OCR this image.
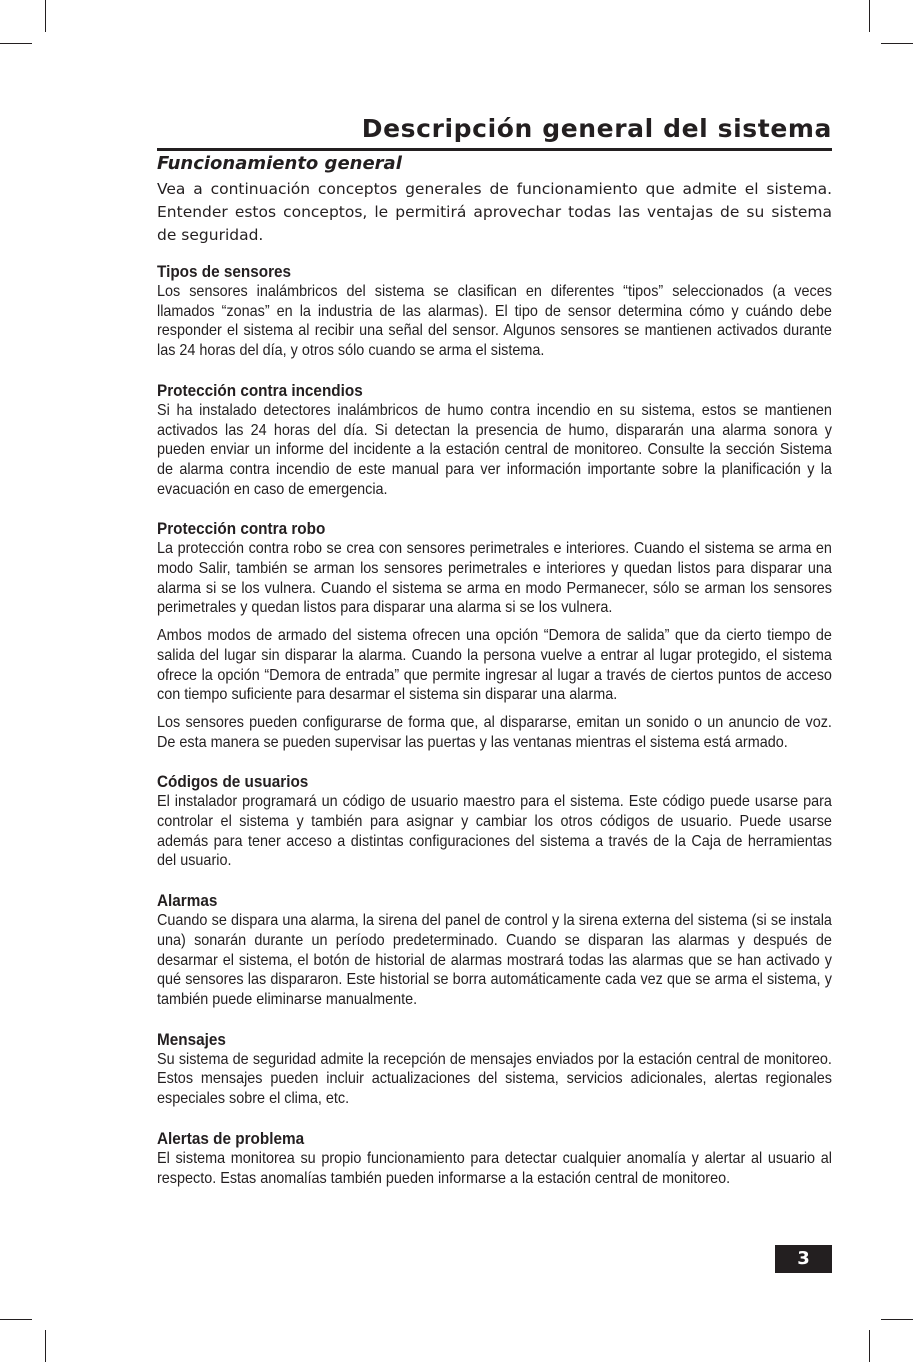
Descripción general del sistema
Funcionamiento general
Vea a continuación conceptos generales de funcionamiento que admite el sistema. Entender estos conceptos, le permitirá aprovechar todas las ventajas de su sistema de seguridad.
Tipos de sensores

Los sensores inalámbricos del sistema se clasifican en diferentes “tipos” seleccionados (a veces llamados “zonas” en la industria de las alarmas). El tipo de sensor determina cómo y cuándo debe responder el sistema al recibir una señal del sensor. Algunos sensores se mantienen activados durante las 24 horas del día, y otros sólo cuando se arma el sistema.

Protección contra incendios

Si ha instalado detectores inalámbricos de humo contra incendio en su sistema, estos se mantienen activados las 24 horas del día. Si detectan la presencia de humo, dispararán una alarma sonora y pueden enviar un informe del incidente a la estación central de monitoreo. Consulte la sección Sistema de alarma contra incendio de este manual para ver información importante sobre la planificación y la evacuación en caso de emergencia.

Protección contra robo

La protección contra robo se crea con sensores perimetrales e interiores. Cuando el sistema se arma en modo Salir, también se arman los sensores perimetrales e interiores y quedan listos para disparar una alarma si se los vulnera. Cuando el sistema se arma en modo Permanecer, sólo se arman los sensores perimetrales y quedan listos para disparar una alarma si se los vulnera.

Ambos modos de armado del sistema ofrecen una opción “Demora de salida” que da cierto tiempo de salida del lugar sin disparar la alarma. Cuando la persona vuelve a entrar al lugar protegido, el sistema ofrece la opción “Demora de entrada” que permite ingresar al lugar a través de ciertos puntos de acceso con tiempo suficiente para desarmar el sistema sin disparar una alarma.

Los sensores pueden configurarse de forma que, al dispararse, emitan un sonido o un anuncio de voz. De esta manera se pueden supervisar las puertas y las ventanas mientras el sistema está armado.

Códigos de usuarios

El instalador programará un código de usuario maestro para el sistema. Este código puede usarse para controlar el sistema y también para asignar y cambiar los otros códigos de usuario. Puede usarse además para tener acceso a distintas configuraciones del sistema a través de la Caja de herramientas del usuario.

Alarmas

Cuando se dispara una alarma, la sirena del panel de control y la sirena externa del sistema (si se instala una) sonarán durante un período predeterminado. Cuando se disparan las alarmas y después de desarmar el sistema, el botón de historial de alarmas mostrará todas las alarmas que se han activado y qué sensores las dispararon. Este historial se borra automáticamente cada vez que se arma el sistema, y también puede eliminarse manualmente.

Mensajes

Su sistema de seguridad admite la recepción de mensajes enviados por la estación central de monitoreo. Estos mensajes pueden incluir actualizaciones del sistema, servicios adicionales, alertas regionales especiales sobre el clima, etc.

Alertas de problema

El sistema monitorea su propio funcionamiento para detectar cualquier anomalía y alertar al usuario al respecto. Estas anomalías también pueden informarse a la estación central de monitoreo.

3
